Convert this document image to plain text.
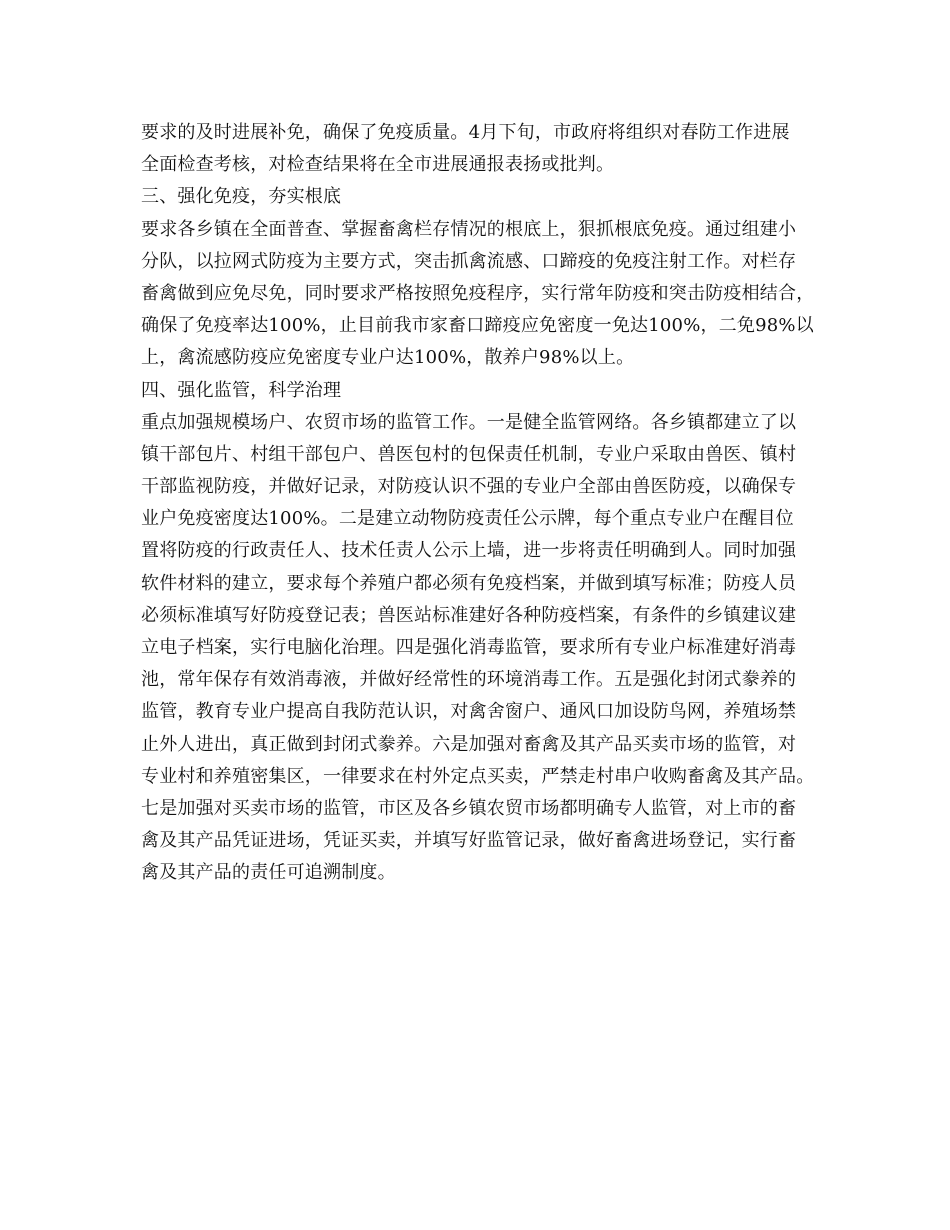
要求的及时进展补免，确保了免疫质量。4月下旬，市政府将组织对春防工作进展
全面检查考核，对检查结果将在全市进展通报表扬或批判。
三、强化免疫，夯实根底
要求各乡镇在全面普查、掌握畜禽栏存情况的根底上，狠抓根底免疫。通过组建小
分队，以拉网式防疫为主要方式，突击抓禽流感、口蹄疫的免疫注射工作。对栏存
畜禽做到应免尽免，同时要求严格按照免疫程序，实行常年防疫和突击防疫相结合，
确保了免疫率达100%，止目前我市家畜口蹄疫应免密度一免达100%，二免98%以
上，禽流感防疫应免密度专业户达100%，散养户98%以上。
四、强化监管，科学治理
重点加强规模场户、农贸市场的监管工作。一是健全监管网络。各乡镇都建立了以
镇干部包片、村组干部包户、兽医包村的包保责任机制，专业户采取由兽医、镇村
干部监视防疫，并做好记录，对防疫认识不强的专业户全部由兽医防疫，以确保专
业户免疫密度达100%。二是建立动物防疫责任公示牌，每个重点专业户在醒目位
置将防疫的行政责任人、技术任责人公示上墙，进一步将责任明确到人。同时加强
软件材料的建立，要求每个养殖户都必须有免疫档案，并做到填写标准；防疫人员
必须标准填写好防疫登记表；兽医站标准建好各种防疫档案，有条件的乡镇建议建
立电子档案，实行电脑化治理。四是强化消毒监管，要求所有专业户标准建好消毒
池，常年保存有效消毒液，并做好经常性的环境消毒工作。五是强化封闭式豢养的
监管，教育专业户提高自我防范认识，对禽舍窗户、通风口加设防鸟网，养殖场禁
止外人进出，真正做到封闭式豢养。六是加强对畜禽及其产品买卖市场的监管，对
专业村和养殖密集区，一律要求在村外定点买卖，严禁走村串户收购畜禽及其产品。
七是加强对买卖市场的监管，市区及各乡镇农贸市场都明确专人监管，对上市的畜
禽及其产品凭证进场，凭证买卖，并填写好监管记录，做好畜禽进场登记，实行畜
禽及其产品的责任可追溯制度。
